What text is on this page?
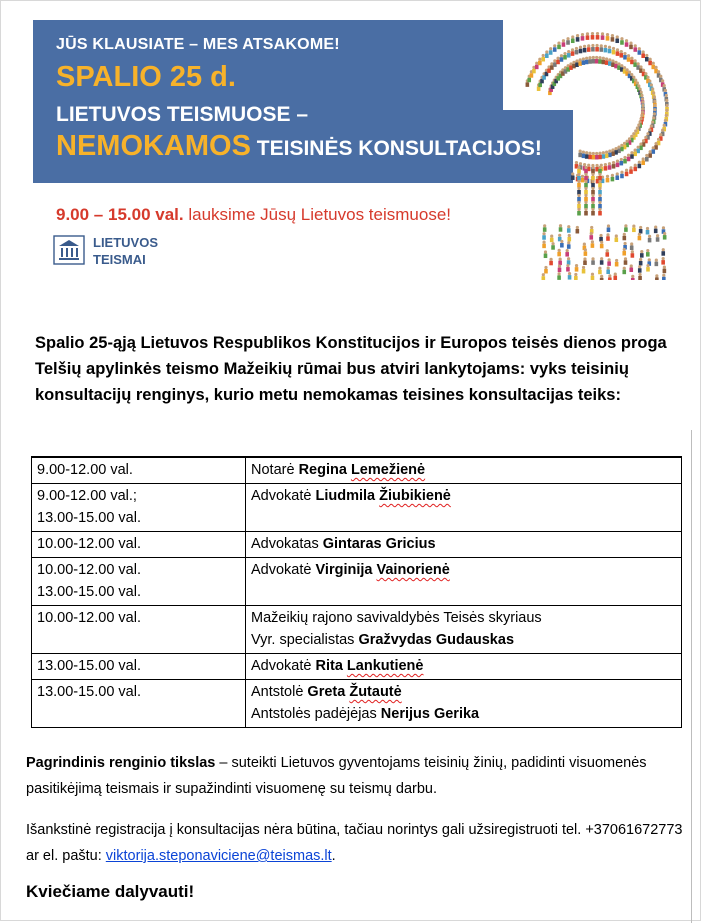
JŪS KLAUSIATE – MES ATSAKOME!
SPALIO 25 d.
LIETUVOS TEISMUOSE –
NEMOKAMOS TEISINĖS KONSULTACIJOS!
9.00 – 15.00 val. lauksime Jūsų Lietuvos teismuose!
LIETUVOS
TEISMAI
Spalio 25-ąją Lietuvos Respublikos Konstitucijos ir Europos teisės dienos proga Telšių apylinkės teismo Mažeikių rūmai bus atviri lankytojams: vyks teisinių konsultacijų renginys, kurio metu nemokamas teisines konsultacijas teiks:
9.00-12.00 val.	Notarė Regina Lemežienė

9.00-12.00 val.;
13.00-15.00 val.	Advokatė Liudmila Žiubikienė

10.00-12.00 val.	Advokatas Gintaras Gricius

10.00-12.00 val.
13.00-15.00 val.	Advokatė Virginija Vainorienė

10.00-12.00 val.	Mažeikių rajono savivaldybės Teisės skyriaus
Vyr. specialistas Gražvydas Gudauskas

13.00-15.00 val.	Advokatė Rita Lankutienė

13.00-15.00 val.	Antstolė Greta Žutautė
Antstolės padėjėjas Nerijus Gerika
Pagrindinis renginio tikslas – suteikti Lietuvos gyventojams teisinių žinių, padidinti visuomenės pasitikėjimą teismais ir supažindinti visuomenę su teismų darbu.
Išankstinė registracija į konsultacijas nėra būtina, tačiau norintys gali užsiregistruoti tel. +37061672773 ar el. paštu: viktorija.steponaviciene@teismas.lt.
Kviečiame dalyvauti!
